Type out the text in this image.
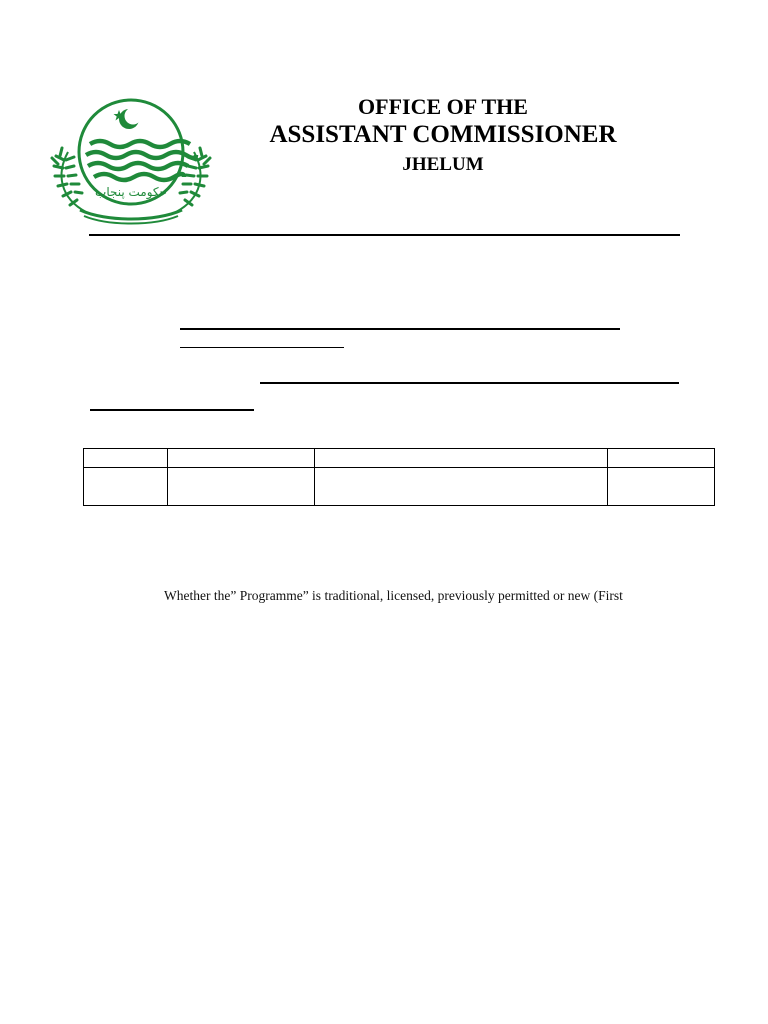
حکومت پنجاب
OFFICE OF THE
ASSISTANT COMMISSIONER
JHELUM

Whether the” Programme” is traditional, licensed, previously permitted or new (First
